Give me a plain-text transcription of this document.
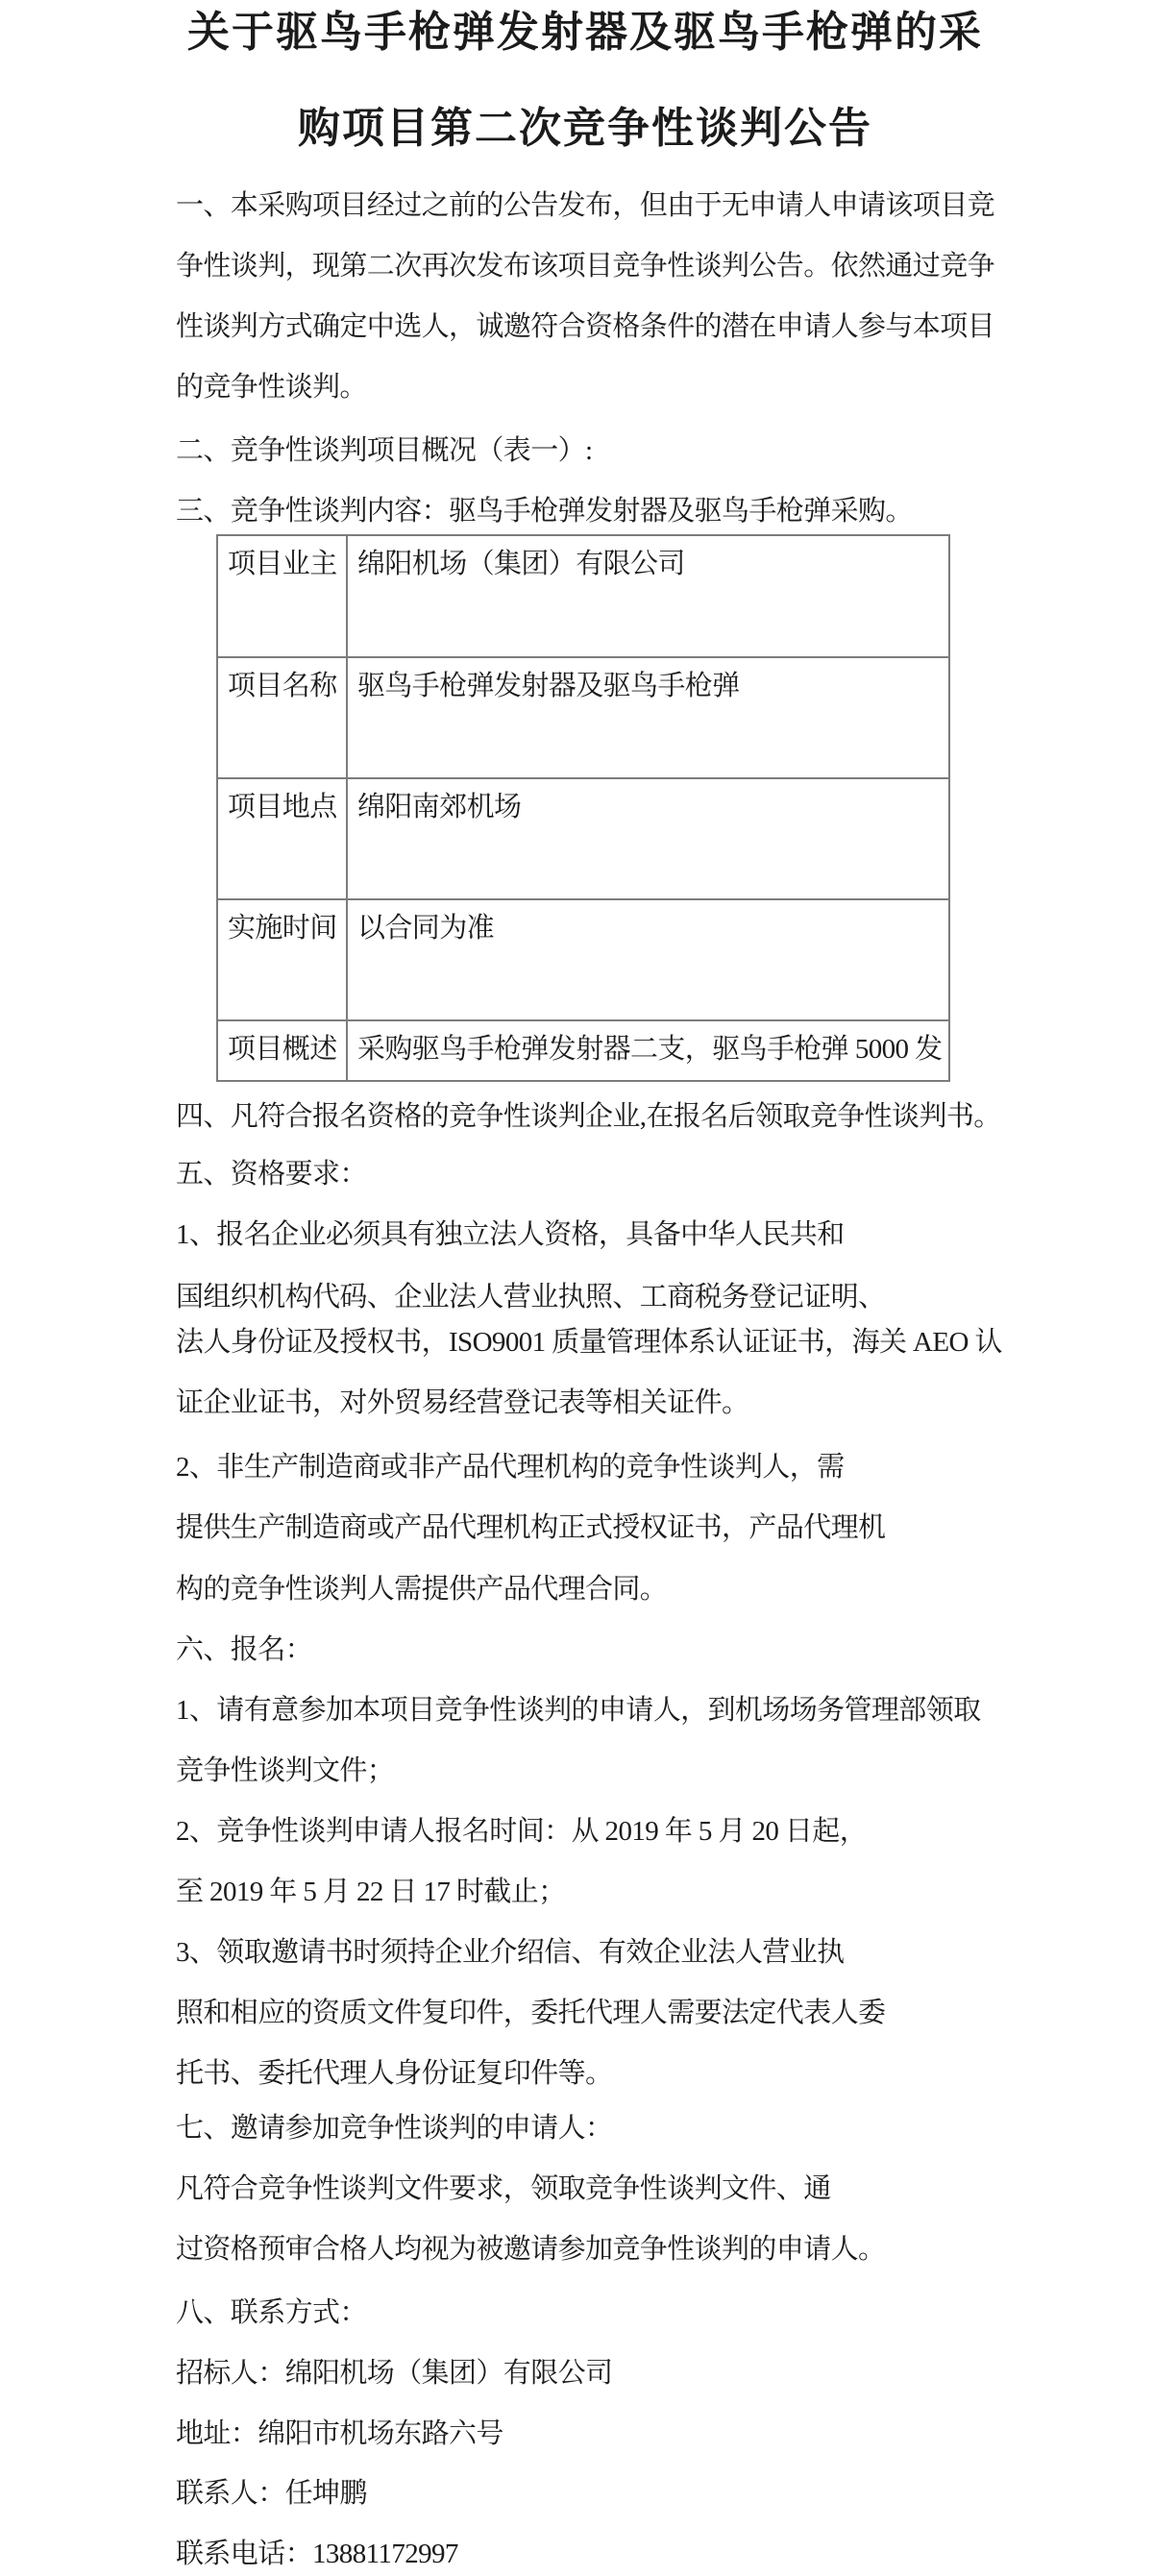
关于驱鸟手枪弹发射器及驱鸟手枪弹的采
购项目第二次竞争性谈判公告
一、本采购项目经过之前的公告发布，但由于无申请人申请该项目竞
争性谈判，现第二次再次发布该项目竞争性谈判公告。依然通过竞争
性谈判方式确定中选人，诚邀符合资格条件的潜在申请人参与本项目
的竞争性谈判。
二、竞争性谈判项目概况（表一）:
三、竞争性谈判内容：驱鸟手枪弹发射器及驱鸟手枪弹采购。
项目业主	绵阳机场（集团）有限公司
项目名称	驱鸟手枪弹发射器及驱鸟手枪弹
项目地点	绵阳南郊机场
实施时间	以合同为准
项目概述	采购驱鸟手枪弹发射器二支，驱鸟手枪弹 5000 发
四、凡符合报名资格的竞争性谈判企业,在报名后领取竞争性谈判书。
五、资格要求：
1、报名企业必须具有独立法人资格，具备中华人民共和
国组织机构代码、企业法人营业执照、工商税务登记证明、
法人身份证及授权书，ISO9001 质量管理体系认证证书，海关 AEO 认
证企业证书，对外贸易经营登记表等相关证件。
2、非生产制造商或非产品代理机构的竞争性谈判人，需
提供生产制造商或产品代理机构正式授权证书，产品代理机
构的竞争性谈判人需提供产品代理合同。
六、报名：
1、请有意参加本项目竞争性谈判的申请人，到机场场务管理部领取
竞争性谈判文件；
2、竞争性谈判申请人报名时间：从 2019 年 5 月 20 日起，
至 2019 年 5 月 22 日 17 时截止；
3、领取邀请书时须持企业介绍信、有效企业法人营业执
照和相应的资质文件复印件，委托代理人需要法定代表人委
托书、委托代理人身份证复印件等。
七、邀请参加竞争性谈判的申请人：
凡符合竞争性谈判文件要求，领取竞争性谈判文件、通
过资格预审合格人均视为被邀请参加竞争性谈判的申请人。
八、联系方式：
招标人：绵阳机场（集团）有限公司
地址：绵阳市机场东路六号
联系人：任坤鹏
联系电话：13881172997
